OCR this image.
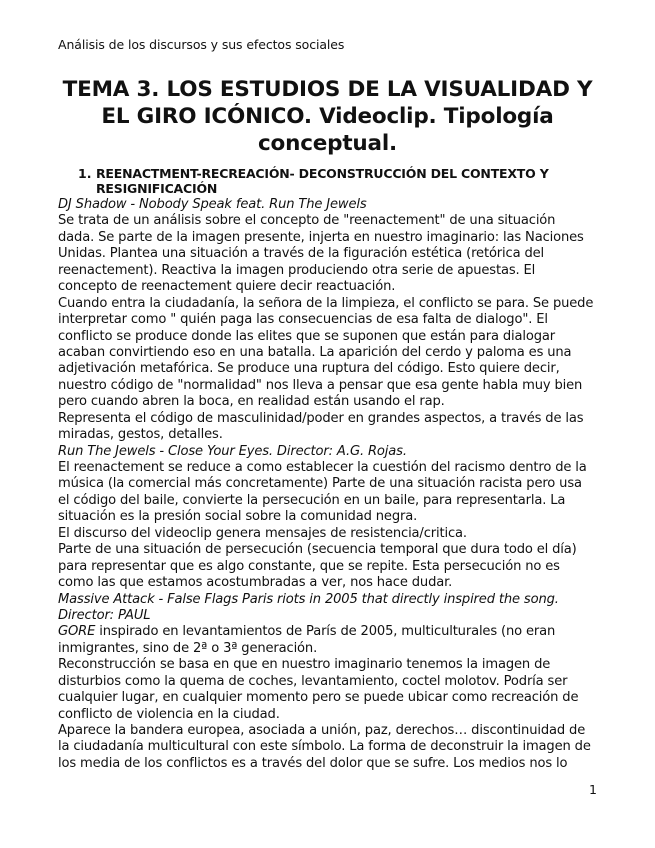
Análisis de los discursos y sus efectos sociales
TEMA 3. LOS ESTUDIOS DE LA VISUALIDAD Y
EL GIRO ICÓNICO. Videoclip. Tipología
conceptual.
1. REENACTMENT-RECREACIÓN- DECONSTRUCCIÓN DEL CONTEXTO Y
RESIGNIFICACIÓN
DJ Shadow - Nobody Speak feat. Run The Jewels
Se trata de un análisis sobre el concepto de "reenactement" de una situación
dada. Se parte de la imagen presente, injerta en nuestro imaginario: las Naciones
Unidas. Plantea una situación a través de la figuración estética (retórica del
reenactement). Reactiva la imagen produciendo otra serie de apuestas. El
concepto de reenactement quiere decir reactuación.
Cuando entra la ciudadanía, la señora de la limpieza, el conflicto se para. Se puede
interpretar como " quién paga las consecuencias de esa falta de dialogo". El
conflicto se produce donde las elites que se suponen que están para dialogar
acaban convirtiendo eso en una batalla. La aparición del cerdo y paloma es una
adjetivación metafórica. Se produce una ruptura del código. Esto quiere decir,
nuestro código de "normalidad" nos lleva a pensar que esa gente habla muy bien
pero cuando abren la boca, en realidad están usando el rap.
Representa el código de masculinidad/poder en grandes aspectos, a través de las
miradas, gestos, detalles.
Run The Jewels - Close Your Eyes. Director: A.G. Rojas.
El reenactement se reduce a como establecer la cuestión del racismo dentro de la
música (la comercial más concretamente) Parte de una situación racista pero usa
el código del baile, convierte la persecución en un baile, para representarla. La
situación es la presión social sobre la comunidad negra.
El discurso del videoclip genera mensajes de resistencia/critica.
Parte de una situación de persecución (secuencia temporal que dura todo el día)
para representar que es algo constante, que se repite. Esta persecución no es
como las que estamos acostumbradas a ver, nos hace dudar.
Massive Attack - False Flags Paris riots in 2005 that directly inspired the song.
Director: PAUL
GORE inspirado en levantamientos de París de 2005, multiculturales (no eran
inmigrantes, sino de 2ª o 3ª generación.
Reconstrucción se basa en que en nuestro imaginario tenemos la imagen de
disturbios como la quema de coches, levantamiento, coctel molotov. Podría ser
cualquier lugar, en cualquier momento pero se puede ubicar como recreación de
conflicto de violencia en la ciudad.
Aparece la bandera europea, asociada a unión, paz, derechos… discontinuidad de
la ciudadanía multicultural con este símbolo. La forma de deconstruir la imagen de
los media de los conflictos es a través del dolor que se sufre. Los medios nos lo
1
